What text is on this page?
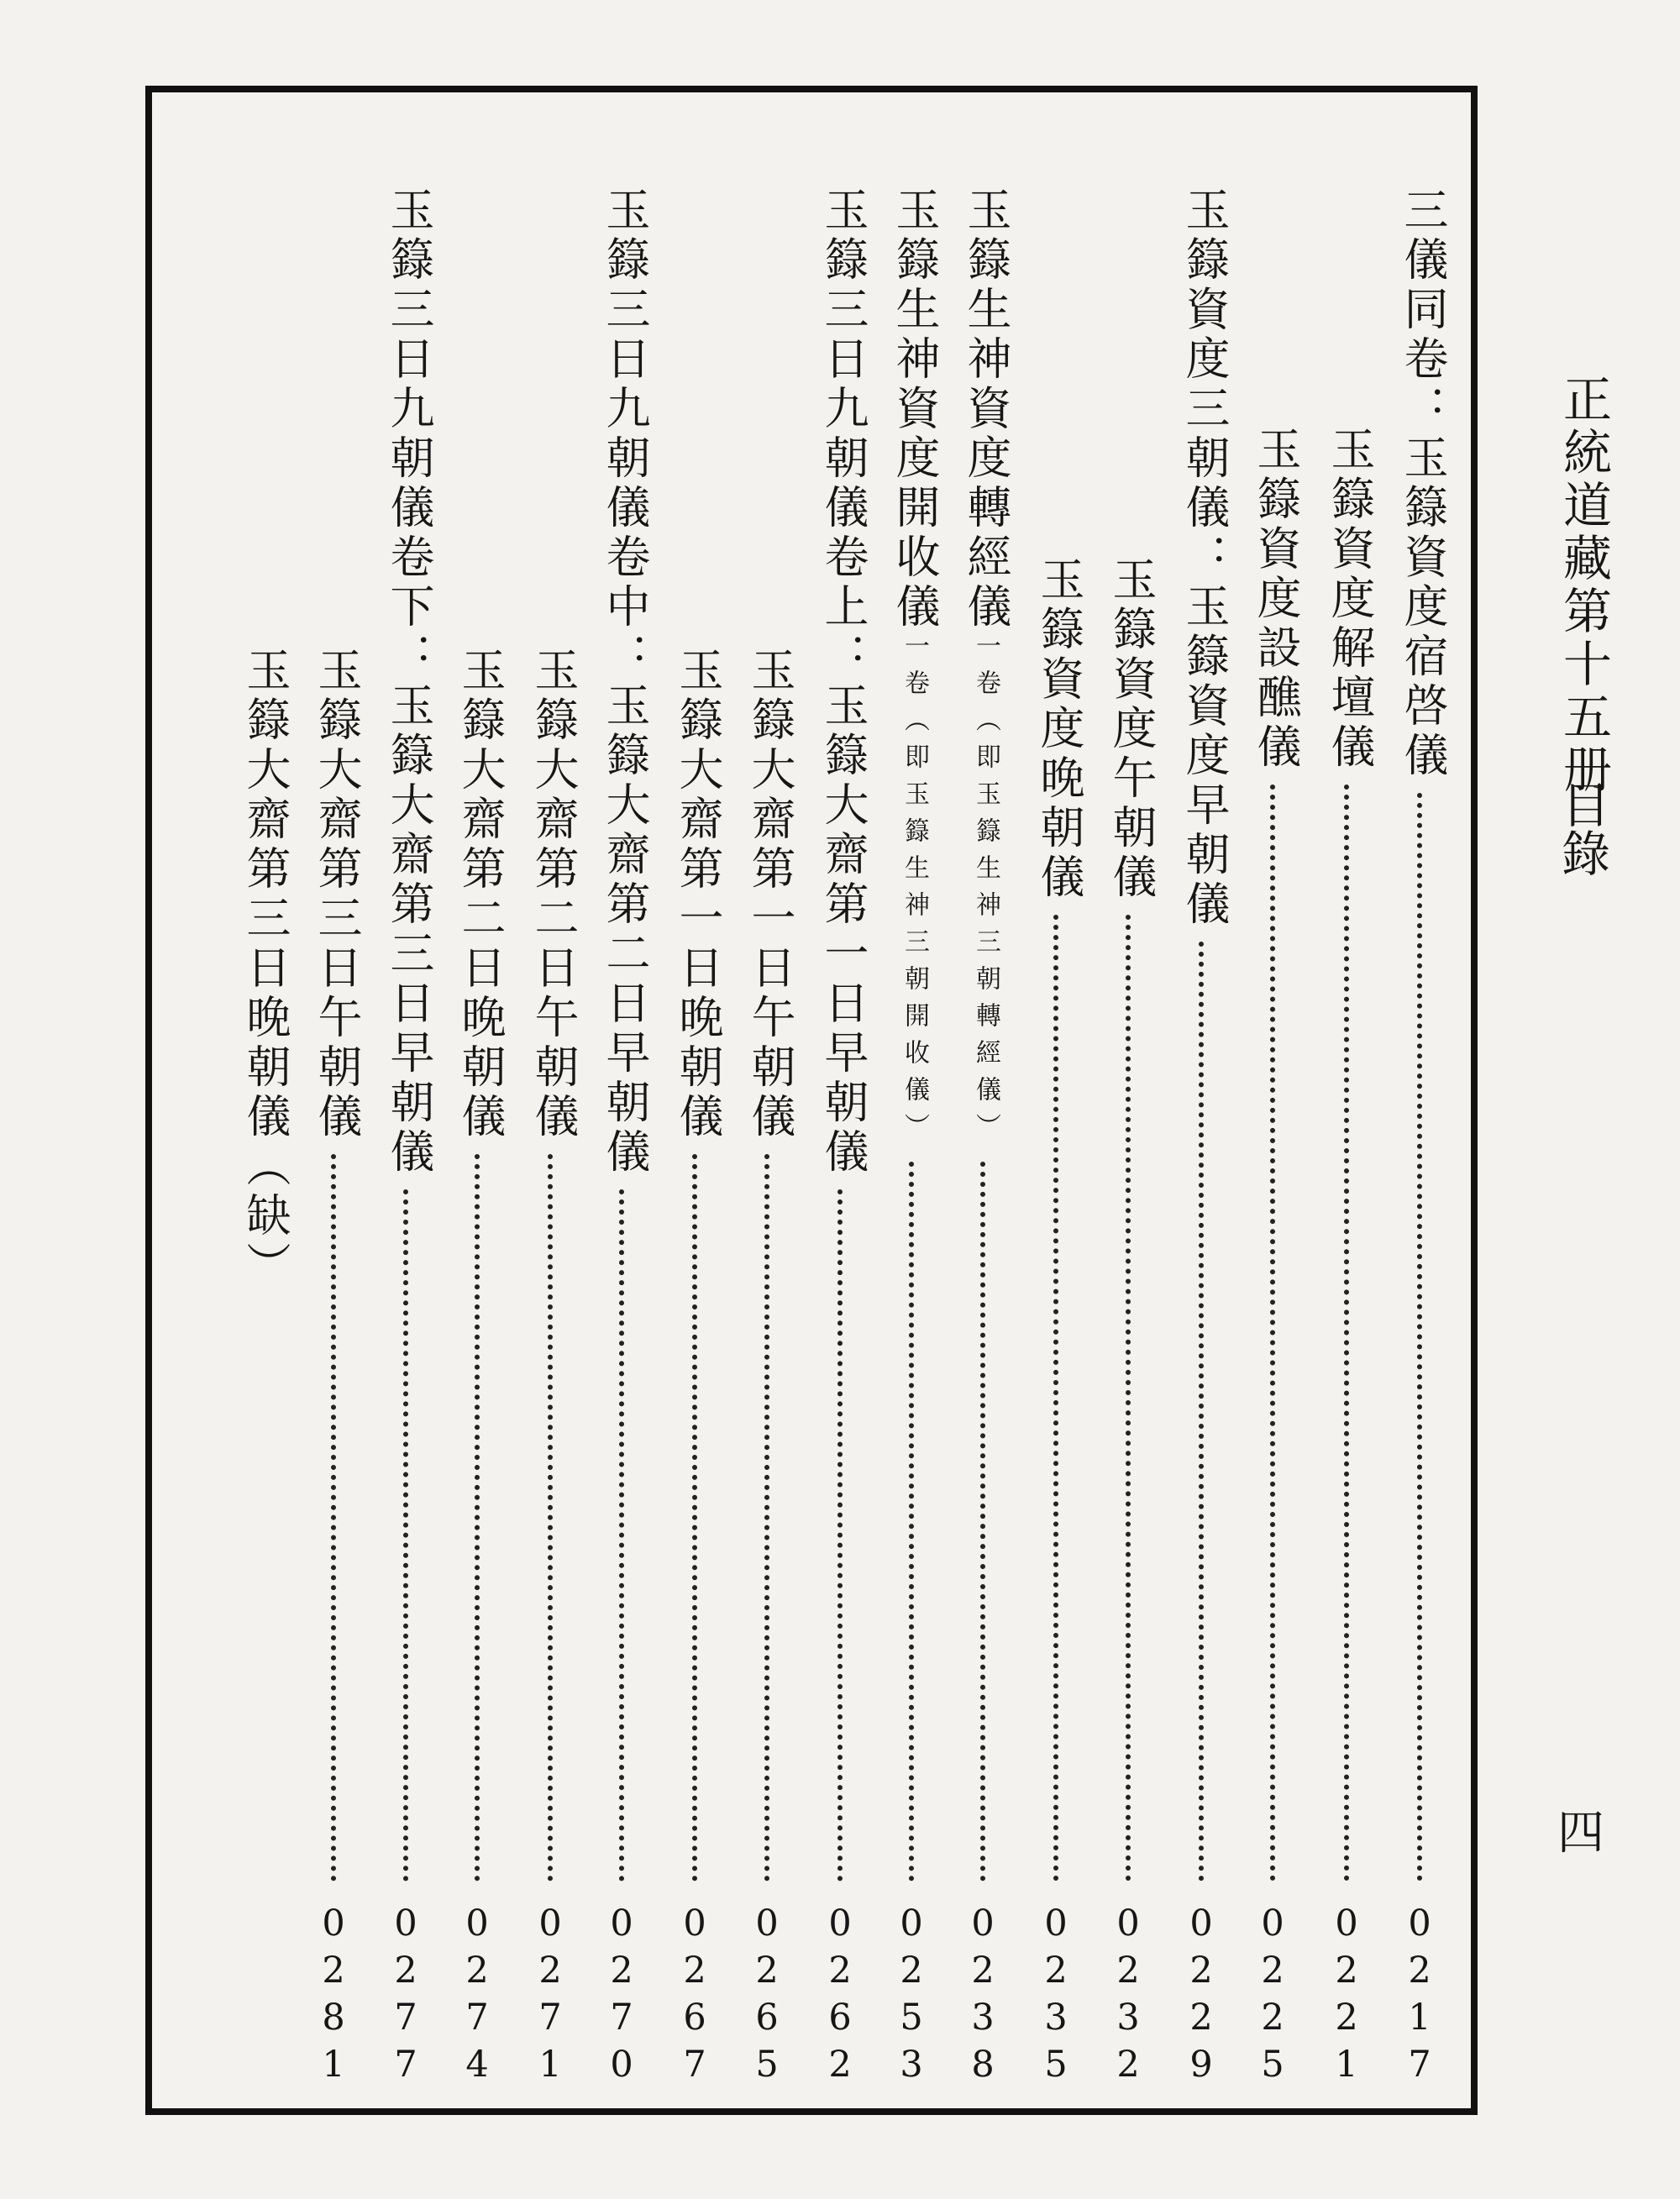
正統道藏第十五册
目錄
四
三儀同卷：玉籙資度宿啓儀
0
2
1
7
玉籙資度解壇儀
0
2
2
1
玉籙資度設醮儀
0
2
2
5
玉籙資度三朝儀：玉籙資度早朝儀
0
2
2
9
玉籙資度午朝儀
0
2
3
2
玉籙資度晚朝儀
0
2
3
5
玉籙生神資度轉經儀一卷（即玉籙生神三朝轉經儀）
0
2
3
8
玉籙生神資度開收儀一卷（即玉籙生神三朝開收儀）
0
2
5
3
玉籙三日九朝儀卷上：玉籙大齋第一日早朝儀
0
2
6
2
玉籙大齋第一日午朝儀
0
2
6
5
玉籙大齋第一日晚朝儀
0
2
6
7
玉籙三日九朝儀卷中：玉籙大齋第二日早朝儀
0
2
7
0
玉籙大齋第二日午朝儀
0
2
7
1
玉籙大齋第二日晚朝儀
0
2
7
4
玉籙三日九朝儀卷下：玉籙大齋第三日早朝儀
0
2
7
7
玉籙大齋第三日午朝儀
0
2
8
1
玉籙大齋第三日晚朝儀（缺）
